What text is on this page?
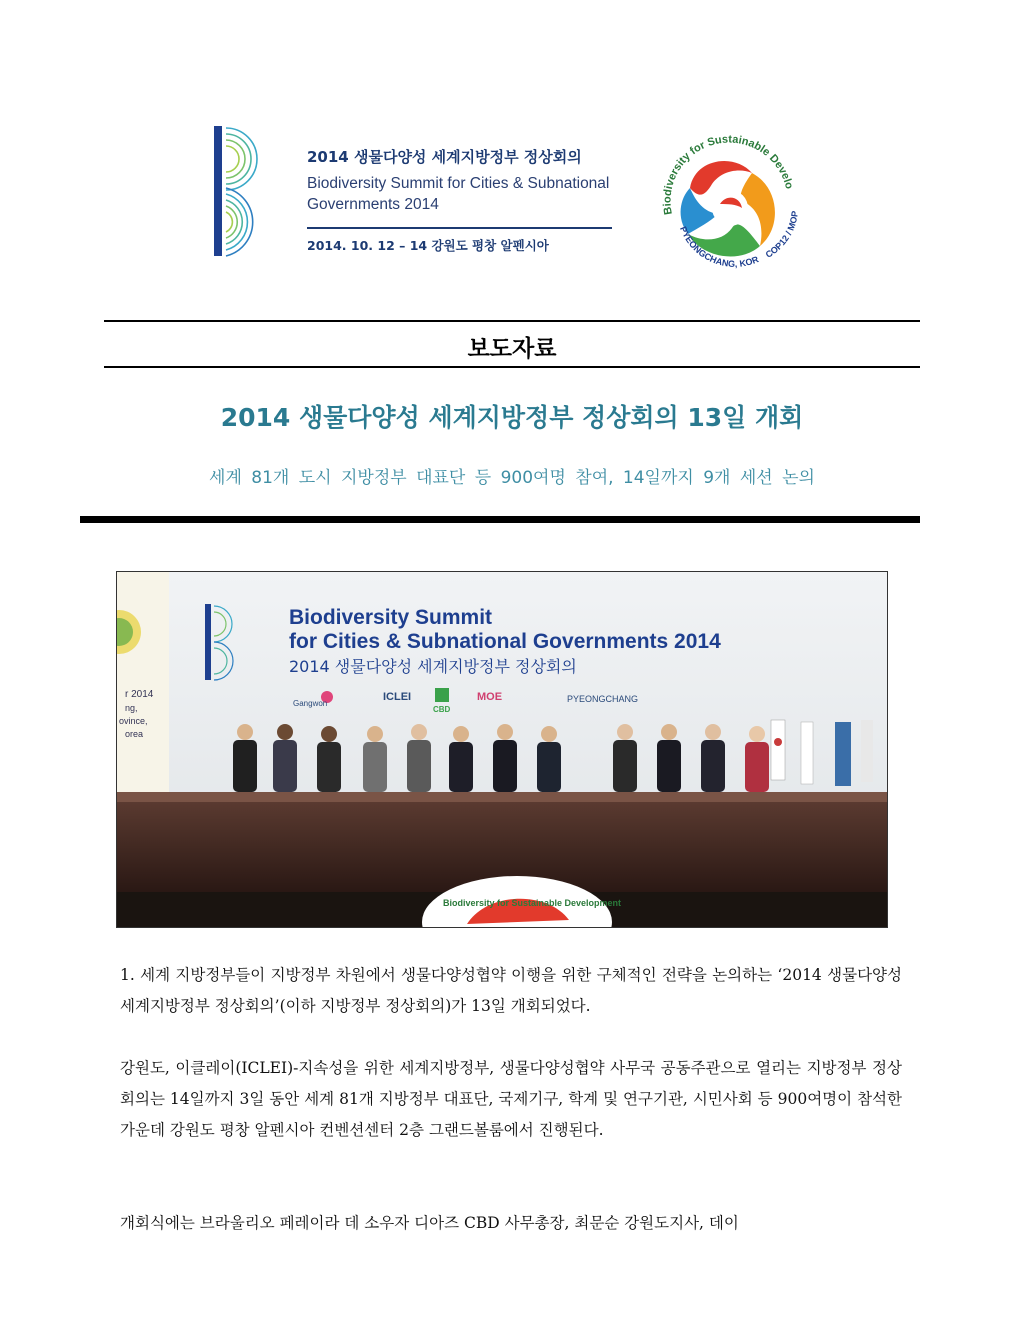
2014 생물다양성 세계지방정부 정상회의
Biodiversity Summit for Cities & Subnational
Governments 2014
2014. 10. 12 – 14 강원도 평창 알펜시아
Biodiversity for Sustainable Develo
PYEONGCHANG, KOR
COP12 / MOP
보도자료
2014 생물다양성 세계지방정부 정상회의 13일 개회
세계 81개 도시 지방정부 대표단 등 900여명 참여, 14일까지 9개 세션 논의
r 2014
ng,
ovince,
orea
Biodiversity Summit
for Cities & Subnational Governments 2014
2014 생물다양성 세계지방정부 정상회의
Gangwon
ICLEI
CBD
MOE	PYEONGCHANG
Biodiversity for Sustainable Development

1. 세계 지방정부들이 지방정부 차원에서 생물다양성협약 이행을 위한 구체적인 전략을 논의하는 ‘2014 생물다양성 세계지방정부 정상회의’(이하 지방정부 정상회의)가 13일 개회되었다.

강원도, 이클레이(ICLEI)-지속성을 위한 세계지방정부, 생물다양성협약 사무국 공동주관으로 열리는 지방정부 정상회의는 14일까지 3일 동안 세계 81개 지방정부 대표단, 국제기구, 학계 및 연구기관, 시민사회 등 900여명이 참석한 가운데 강원도 평창 알펜시아 컨벤션센터 2층 그랜드볼룸에서 진행된다.

개회식에는 브라울리오 페레이라 데 소우자 디아즈 CBD 사무총장, 최문순 강원도지사, 데이
